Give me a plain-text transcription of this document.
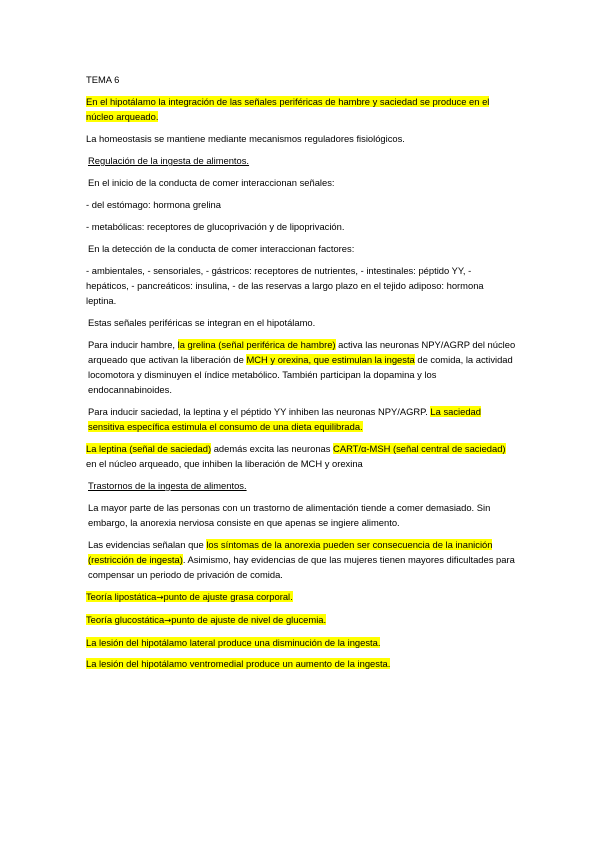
TEMA 6

En el hipotálamo la integración de las señales periféricas de hambre y saciedad se produce en el núcleo arqueado.

La homeostasis se mantiene mediante mecanismos reguladores fisiológicos.

Regulación de la ingesta de alimentos.

En el inicio de la conducta de comer interaccionan señales:

- del estómago: hormona grelina

- metabólicas: receptores de glucoprivación y de lipoprivación.

En la detección de la conducta de comer interaccionan factores:

- ambientales, - sensoriales, - gástricos: receptores de nutrientes, - intestinales: péptido YY, - hepáticos, - pancreáticos: insulina, - de las reservas a largo plazo en el tejido adiposo: hormona leptina.

Estas señales periféricas se integran en el hipotálamo.

Para inducir hambre, la grelina (señal periférica de hambre) activa las neuronas NPY/AGRP del núcleo arqueado que activan la liberación de MCH y orexina, que estimulan la ingesta de comida, la actividad locomotora y disminuyen el índice metabólico. También participan la dopamina y los endocannabinoides.

Para inducir saciedad, la leptina y el péptido YY inhiben las neuronas NPY/AGRP. La saciedad sensitiva específica estimula el consumo de una dieta equilibrada.

La leptina (señal de saciedad) además excita las neuronas CART/α-MSH (señal central de saciedad) en el núcleo arqueado, que inhiben la liberación de MCH y orexina

Trastornos de la ingesta de alimentos.

La mayor parte de las personas con un trastorno de alimentación tiende a comer demasiado. Sin embargo, la anorexia nerviosa consiste en que apenas se ingiere alimento.

Las evidencias señalan que los síntomas de la anorexia pueden ser consecuencia de la inanición (restricción de ingesta). Asimismo, hay evidencias de que las mujeres tienen mayores dificultades para compensar un periodo de privación de comida.

Teoría lipostática→punto de ajuste grasa corporal.

Teoría glucostática→punto de ajuste de nivel de glucemia.

La lesión del hipotálamo lateral produce una disminución de la ingesta.

La lesión del hipotálamo ventromedial produce un aumento de la ingesta.
